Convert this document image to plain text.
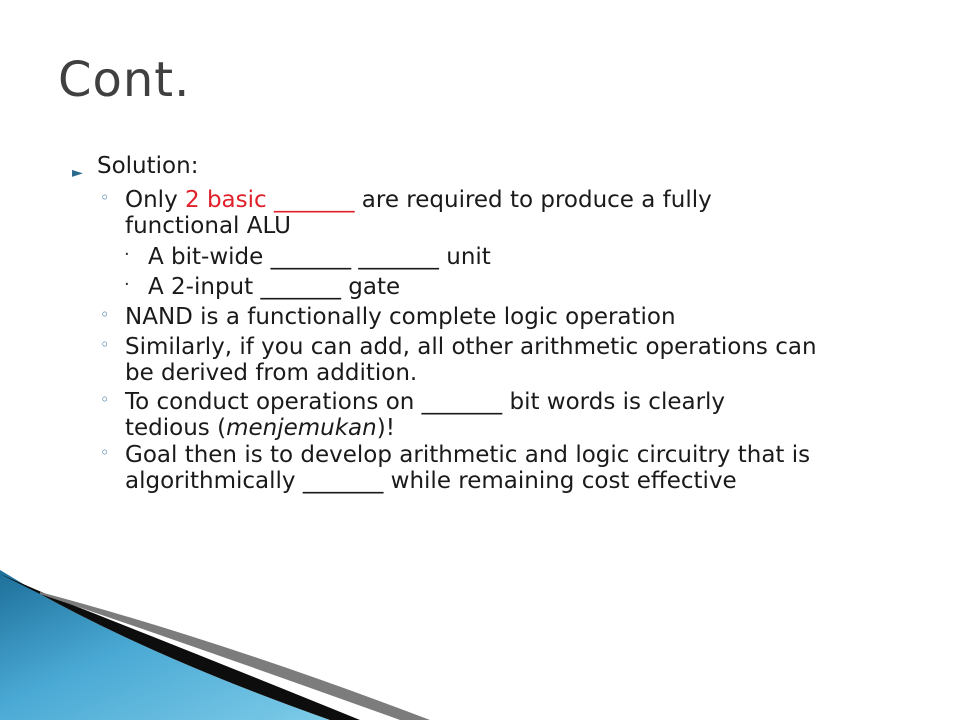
Cont.
► Solution:
◦ Only 2 basic _______ are required to produce a fully
functional ALU
· A bit-wide _______ _______ unit
· A 2-input _______ gate
◦ NAND is a functionally complete logic operation
◦ Similarly, if you can add, all other arithmetic operations can
be derived from addition.
◦ To conduct operations on _______ bit words is clearly
tedious (menjemukan)!
◦ Goal then is to develop arithmetic and logic circuitry that is
algorithmically _______ while remaining cost effective
